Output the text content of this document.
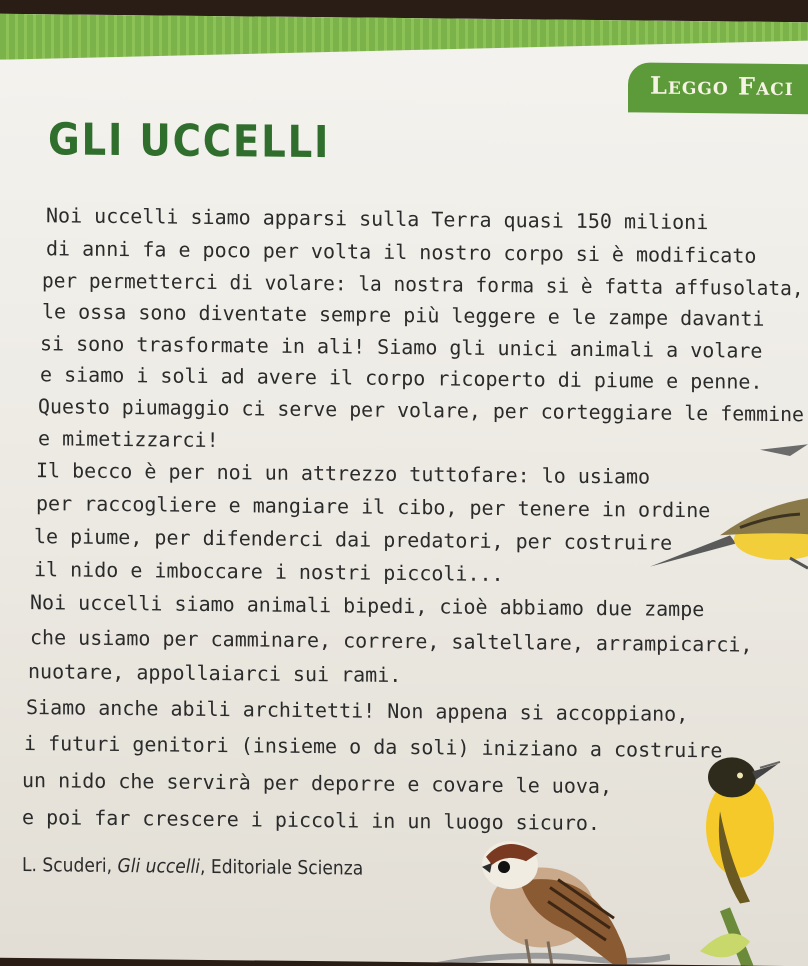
Leggo Faci
GLI UCCELLI
Noi uccelli siamo apparsi sulla Terra quasi 150 milioni
di anni fa e poco per volta il nostro corpo si è modificato
per permetterci di volare: la nostra forma si è fatta affusolata,
le ossa sono diventate sempre più leggere e le zampe davanti
si sono trasformate in ali! Siamo gli unici animali a volare
e siamo i soli ad avere il corpo ricoperto di piume e penne.
Questo piumaggio ci serve per volare, per corteggiare le femmine
e mimetizzarci!
Il becco è per noi un attrezzo tuttofare: lo usiamo
per raccogliere e mangiare il cibo, per tenere in ordine
le piume, per difenderci dai predatori, per costruire
il nido e imboccare i nostri piccoli...
Noi uccelli siamo animali bipedi, cioè abbiamo due zampe
che usiamo per camminare, correre, saltellare, arrampicarci,
nuotare, appollaiarci sui rami.
Siamo anche abili architetti! Non appena si accoppiano,
i futuri genitori (insieme o da soli) iniziano a costruire
un nido che servirà per deporre e covare le uova,
e poi far crescere i piccoli in un luogo sicuro.
L. Scuderi, Gli uccelli, Editoriale Scienza
